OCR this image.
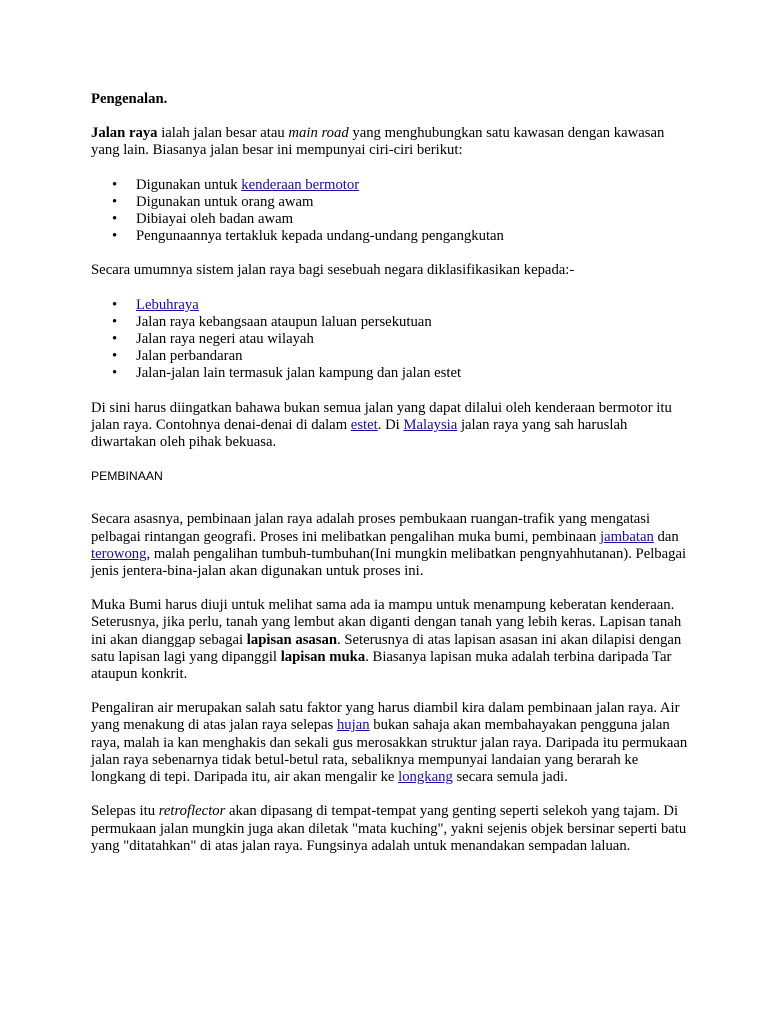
Pengenalan.

Jalan raya ialah jalan besar atau main road yang menghubungkan satu kawasan dengan kawasan yang lain. Biasanya jalan besar ini mempunyai ciri-ciri berikut:

• Digunakan untuk kenderaan bermotor
• Digunakan untuk orang awam
• Dibiayai oleh badan awam
• Pengunaannya tertakluk kepada undang-undang pengangkutan

Secara umumnya sistem jalan raya bagi sesebuah negara diklasifikasikan kepada:-

• Lebuhraya
• Jalan raya kebangsaan ataupun laluan persekutuan
• Jalan raya negeri atau wilayah
• Jalan perbandaran
• Jalan-jalan lain termasuk jalan kampung dan jalan estet

Di sini harus diingatkan bahawa bukan semua jalan yang dapat dilalui oleh kenderaan bermotor itu jalan raya. Contohnya denai-denai di dalam estet. Di Malaysia jalan raya yang sah haruslah diwartakan oleh pihak bekuasa.

PEMBINAAN

Secara asasnya, pembinaan jalan raya adalah proses pembukaan ruangan-trafik yang mengatasi pelbagai rintangan geografi. Proses ini melibatkan pengalihan muka bumi, pembinaan jambatan dan terowong, malah pengalihan tumbuh-tumbuhan(Ini mungkin melibatkan pengnyahhutanan). Pelbagai jenis jentera-bina-jalan akan digunakan untuk proses ini.

Muka Bumi harus diuji untuk melihat sama ada ia mampu untuk menampung keberatan kenderaan. Seterusnya, jika perlu, tanah yang lembut akan diganti dengan tanah yang lebih keras. Lapisan tanah ini akan dianggap sebagai lapisan asasan. Seterusnya di atas lapisan asasan ini akan dilapisi dengan satu lapisan lagi yang dipanggil lapisan muka. Biasanya lapisan muka adalah terbina daripada Tar ataupun konkrit.

Pengaliran air merupakan salah satu faktor yang harus diambil kira dalam pembinaan jalan raya. Air yang menakung di atas jalan raya selepas hujan bukan sahaja akan membahayakan pengguna jalan raya, malah ia kan menghakis dan sekali gus merosakkan struktur jalan raya. Daripada itu permukaan jalan raya sebenarnya tidak betul-betul rata, sebaliknya mempunyai landaian yang berarah ke longkang di tepi. Daripada itu, air akan mengalir ke longkang secara semula jadi.

Selepas itu retroflector akan dipasang di tempat-tempat yang genting seperti selekoh yang tajam. Di permukaan jalan mungkin juga akan diletak "mata kuching", yakni sejenis objek bersinar seperti batu yang "ditatahkan" di atas jalan raya. Fungsinya adalah untuk menandakan sempadan laluan.
